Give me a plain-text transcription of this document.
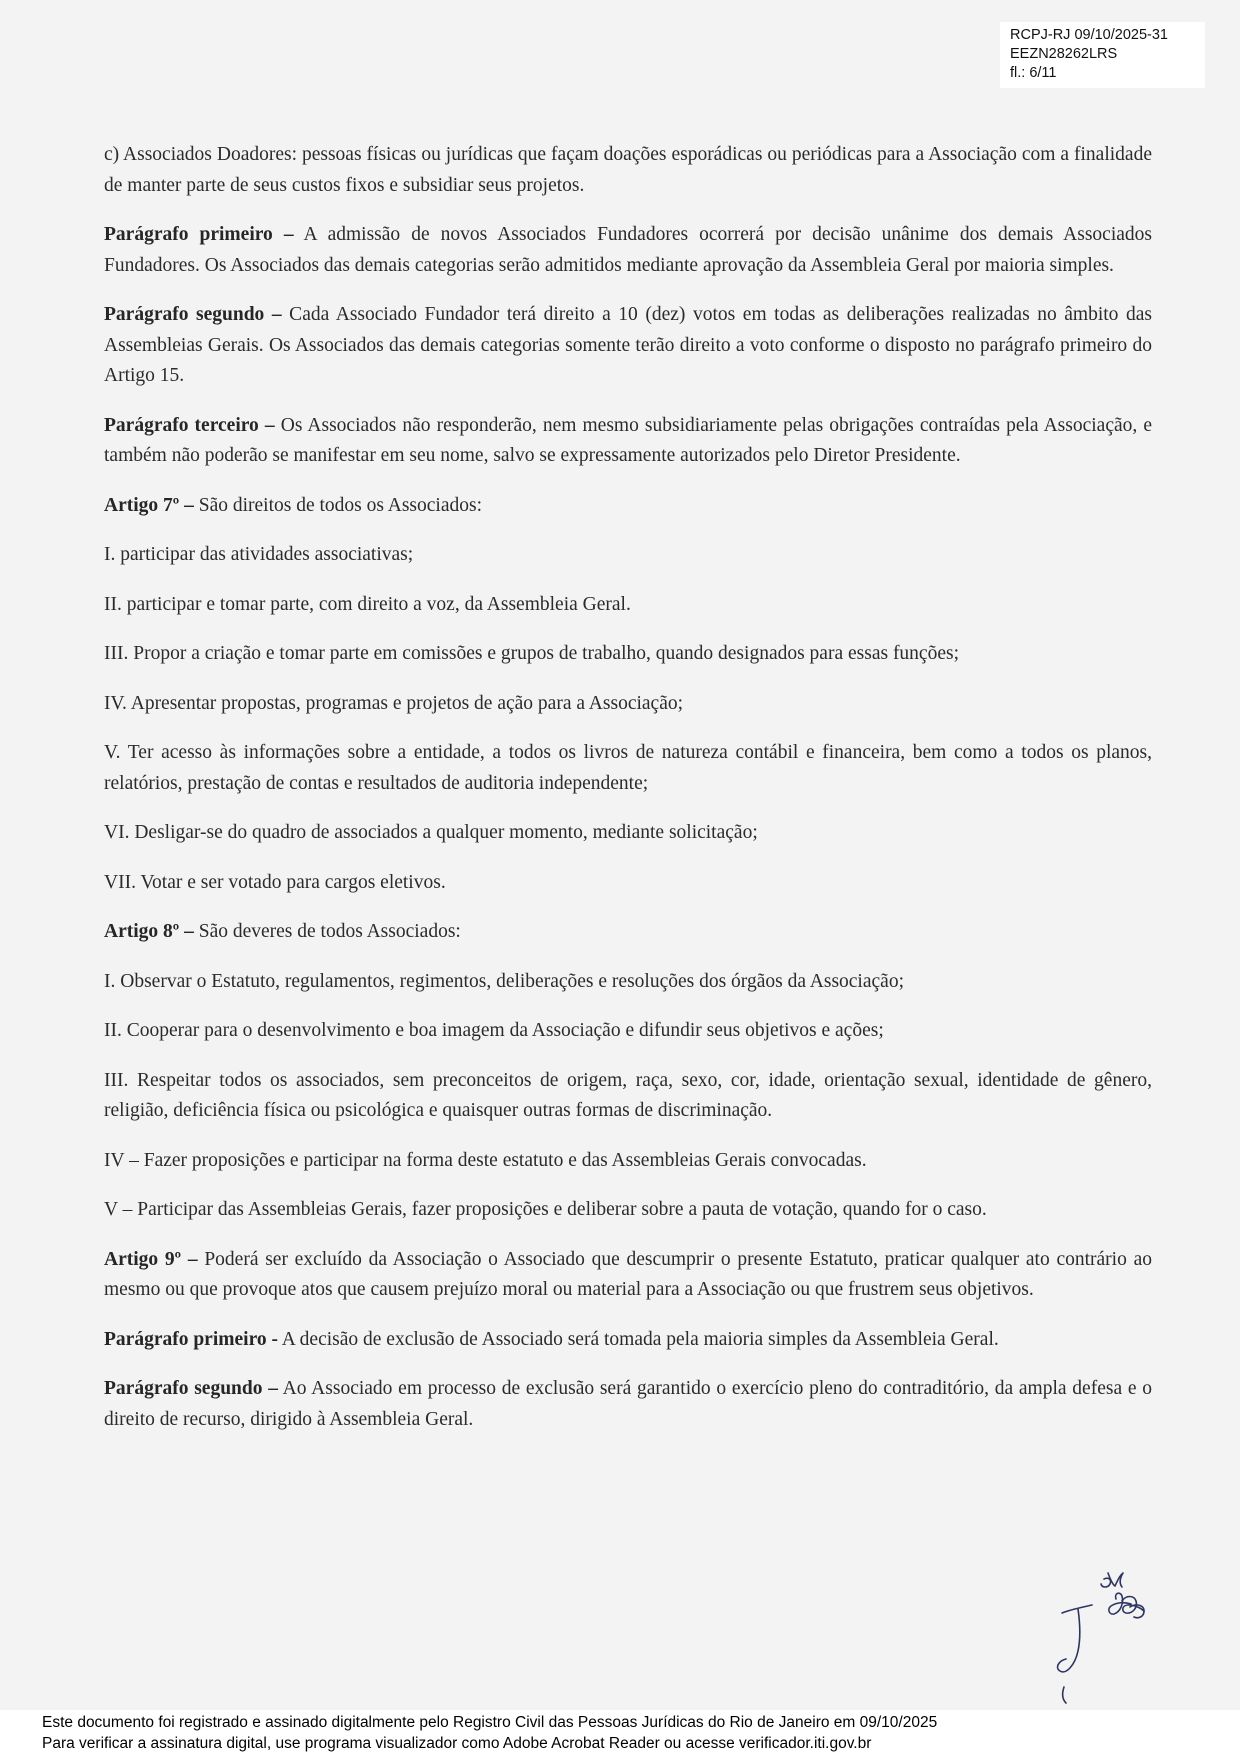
RCPJ-RJ 09/10/2025-31
EEZN28262LRS
fl.: 6/11

c) Associados Doadores: pessoas físicas ou jurídicas que façam doações esporádicas ou periódicas para a Associação com a finalidade de manter parte de seus custos fixos e subsidiar seus projetos.

Parágrafo primeiro – A admissão de novos Associados Fundadores ocorrerá por decisão unânime dos demais Associados Fundadores. Os Associados das demais categorias serão admitidos mediante aprovação da Assembleia Geral por maioria simples.

Parágrafo segundo – Cada Associado Fundador terá direito a 10 (dez) votos em todas as deliberações realizadas no âmbito das Assembleias Gerais. Os Associados das demais categorias somente terão direito a voto conforme o disposto no parágrafo primeiro do Artigo 15.

Parágrafo terceiro – Os Associados não responderão, nem mesmo subsidiariamente pelas obrigações contraídas pela Associação, e também não poderão se manifestar em seu nome, salvo se expressamente autorizados pelo Diretor Presidente.

Artigo 7º – São direitos de todos os Associados:

I. participar das atividades associativas;

II. participar e tomar parte, com direito a voz, da Assembleia Geral.

III. Propor a criação e tomar parte em comissões e grupos de trabalho, quando designados para essas funções;

IV. Apresentar propostas, programas e projetos de ação para a Associação;

V. Ter acesso às informações sobre a entidade, a todos os livros de natureza contábil e financeira, bem como a todos os planos, relatórios, prestação de contas e resultados de auditoria independente;

VI. Desligar-se do quadro de associados a qualquer momento, mediante solicitação;

VII. Votar e ser votado para cargos eletivos.

Artigo 8º – São deveres de todos Associados:

I. Observar o Estatuto, regulamentos, regimentos, deliberações e resoluções dos órgãos da Associação;

II. Cooperar para o desenvolvimento e boa imagem da Associação e difundir seus objetivos e ações;

III. Respeitar todos os associados, sem preconceitos de origem, raça, sexo, cor, idade, orientação sexual, identidade de gênero, religião, deficiência física ou psicológica e quaisquer outras formas de discriminação.

IV – Fazer proposições e participar na forma deste estatuto e das Assembleias Gerais convocadas.

V – Participar das Assembleias Gerais, fazer proposições e deliberar sobre a pauta de votação, quando for o caso.

Artigo 9º – Poderá ser excluído da Associação o Associado que descumprir o presente Estatuto, praticar qualquer ato contrário ao mesmo ou que provoque atos que causem prejuízo moral ou material para a Associação ou que frustrem seus objetivos.

Parágrafo primeiro - A decisão de exclusão de Associado será tomada pela maioria simples da Assembleia Geral.

Parágrafo segundo – Ao Associado em processo de exclusão será garantido o exercício pleno do contraditório, da ampla defesa e o direito de recurso, dirigido à Assembleia Geral.

Este documento foi registrado e assinado digitalmente pelo Registro Civil das Pessoas Jurídicas do Rio de Janeiro em 09/10/2025
Para verificar a assinatura digital, use programa visualizador como Adobe Acrobat Reader ou acesse verificador.iti.gov.br
